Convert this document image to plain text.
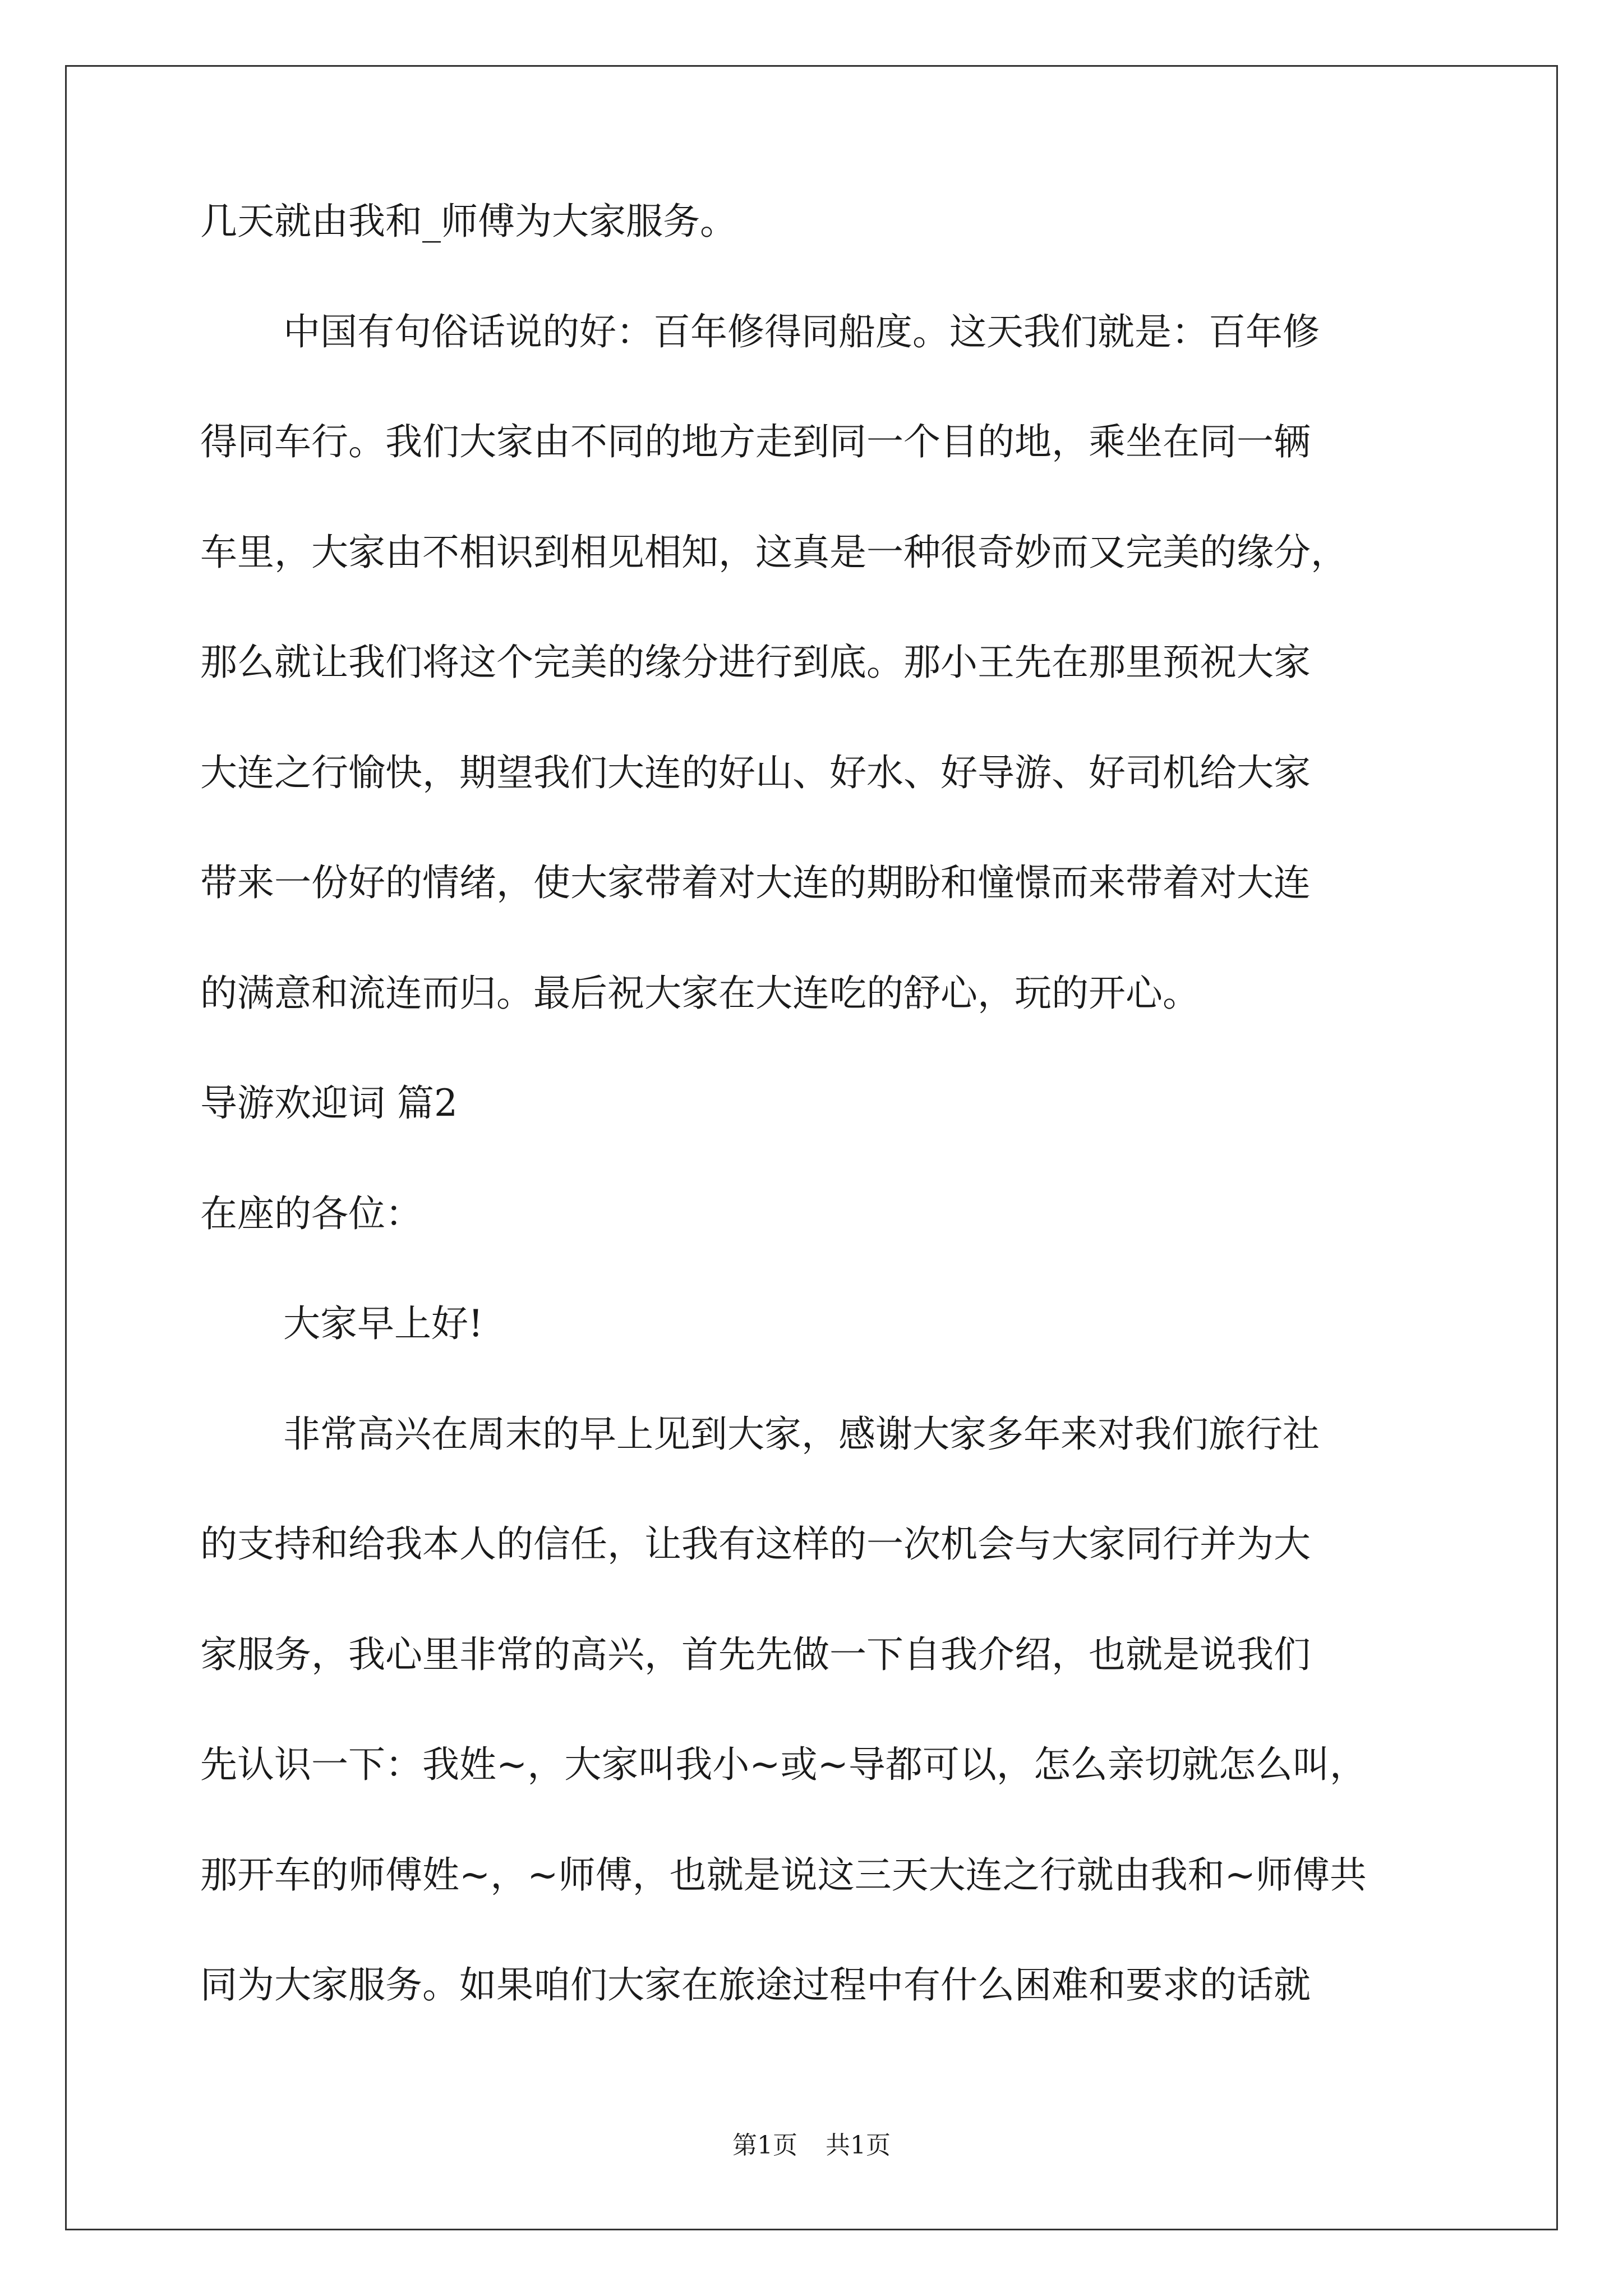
几天就由我和_师傅为大家服务。
中国有句俗话说的好：百年修得同船度。这天我们就是：百年修
得同车行。我们大家由不同的地方走到同一个目的地，乘坐在同一辆
车里，大家由不相识到相见相知，这真是一种很奇妙而又完美的缘分，
那么就让我们将这个完美的缘分进行到底。那小王先在那里预祝大家
大连之行愉快，期望我们大连的好山、好水、好导游、好司机给大家
带来一份好的情绪，使大家带着对大连的期盼和憧憬而来带着对大连
的满意和流连而归。最后祝大家在大连吃的舒心，玩的开心。
导游欢迎词 篇2
在座的各位：
大家早上好!
非常高兴在周末的早上见到大家，感谢大家多年来对我们旅行社
的支持和给我本人的信任，让我有这样的一次机会与大家同行并为大
家服务，我心里非常的高兴，首先先做一下自我介绍，也就是说我们
先认识一下：我姓~，大家叫我小~或~导都可以，怎么亲切就怎么叫，
那开车的师傅姓~，~师傅，也就是说这三天大连之行就由我和~师傅共
同为大家服务。如果咱们大家在旅途过程中有什么困难和要求的话就
第1页 共1页
